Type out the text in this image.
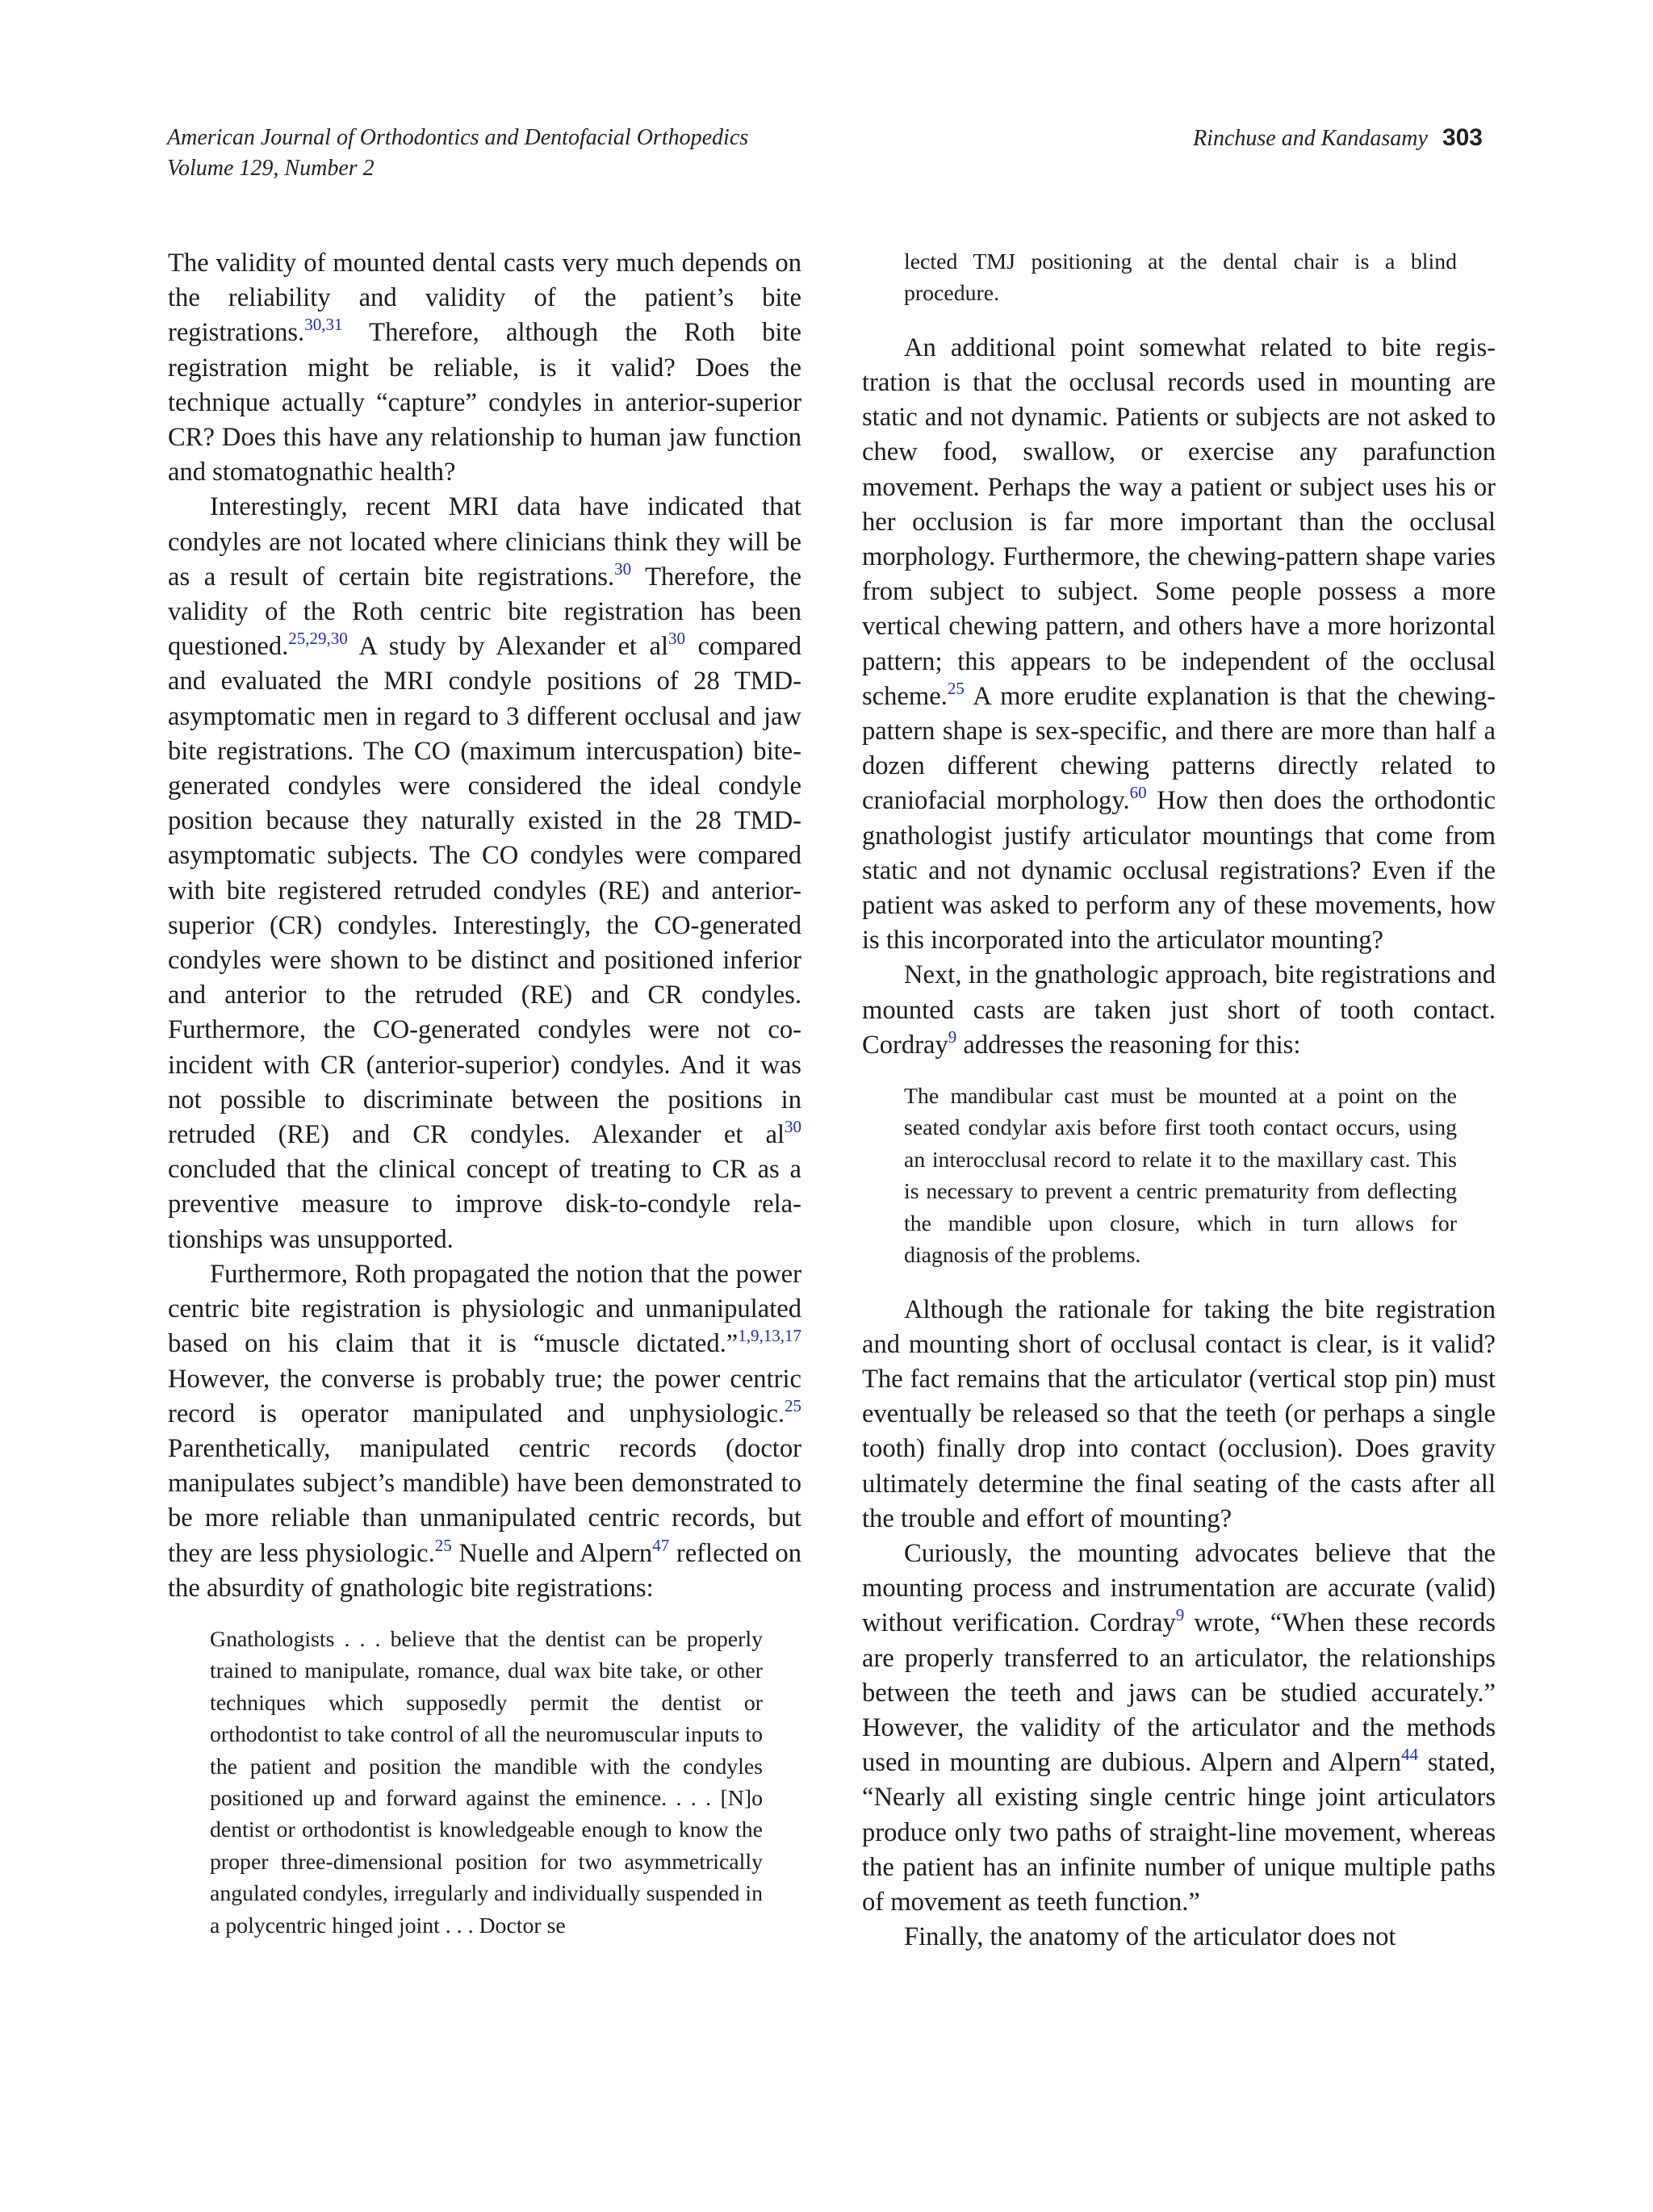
American Journal of Orthodontics and Dentofacial Orthopedics
Volume 129, Number 2
Rinchuse and Kandasamy 303

The validity of mounted dental casts very much depends on the reliability and validity of the patient’s bite registrations.$^{30,31}$ Therefore, although the Roth bite registration might be reliable, is it valid? Does the technique actually “capture” condyles in anterior-superior CR? Does this have any relationship to human jaw function and stomatognathic health?

Interestingly, recent MRI data have indicated that condyles are not located where clinicians think they will be as a result of certain bite registrations.$^{30}$ Therefore, the validity of the Roth centric bite registration has been questioned.$^{25,29,30}$ A study by Alexander et al$^{30}$ compared and evaluated the MRI condyle positions of 28 TMD-asymptomatic men in regard to 3 different occlusal and jaw bite registrations. The CO (maximum intercuspation) bite-generated condyles were considered the ideal condyle position because they naturally existed in the 28 TMD-asymptomatic subjects. The CO condyles were compared with bite registered retruded condyles (RE) and anterior-superior (CR) condyles. Interestingly, the CO-generated condyles were shown to be distinct and positioned inferior and anterior to the retruded (RE) and CR condyles. Furthermore, the CO-generated condyles were not coincident with CR (anterior-superior) condyles. And it was not possible to discriminate between the positions in retruded (RE) and CR condyles. Alexander et al$^{30}$ concluded that the clinical concept of treating to CR as a preventive measure to improve disk-to-condyle relationships was unsupported.

Furthermore, Roth propagated the notion that the power centric bite registration is physiologic and unmanipulated based on his claim that it is “muscle dictated.”$^{1,9,13,17}$ However, the converse is probably true; the power centric record is operator manipulated and unphysiologic.$^{25}$ Parenthetically, manipulated centric records (doctor manipulates subject’s mandible) have been demonstrated to be more reliable than unmanipulated centric records, but they are less physiologic.$^{25}$ Nuelle and Alpern$^{47}$ reflected on the absurdity of gnathologic bite registrations:

Gnathologists . . . believe that the dentist can be properly trained to manipulate, romance, dual wax bite take, or other techniques which supposedly permit the dentist or orthodontist to take control of all the neuromuscular inputs to the patient and position the mandible with the condyles positioned up and forward against the eminence. . . . [N]o dentist or orthodontist is knowledgeable enough to know the proper three-dimensional position for two asymmetrically angulated condyles, irregularly and individually suspended in a polycentric hinged joint . . . Doctor se

lected TMJ positioning at the dental chair is a blind procedure.

An additional point somewhat related to bite registration is that the occlusal records used in mounting are static and not dynamic. Patients or subjects are not asked to chew food, swallow, or exercise any parafunction movement. Perhaps the way a patient or subject uses his or her occlusion is far more important than the occlusal morphology. Furthermore, the chewing-pattern shape varies from subject to subject. Some people possess a more vertical chewing pattern, and others have a more horizontal pattern; this appears to be independent of the occlusal scheme.$^{25}$ A more erudite explanation is that the chewing-pattern shape is sex-specific, and there are more than half a dozen different chewing patterns directly related to craniofacial morphology.$^{60}$ How then does the orthodontic gnathologist justify articulator mountings that come from static and not dynamic occlusal registrations? Even if the patient was asked to perform any of these movements, how is this incorporated into the articulator mounting?

Next, in the gnathologic approach, bite registrations and mounted casts are taken just short of tooth contact. Cordray$^9$ addresses the reasoning for this:

The mandibular cast must be mounted at a point on the seated condylar axis before first tooth contact occurs, using an interocclusal record to relate it to the maxillary cast. This is necessary to prevent a centric prematurity from deflecting the mandible upon closure, which in turn allows for diagnosis of the problems.

Although the rationale for taking the bite registration and mounting short of occlusal contact is clear, is it valid? The fact remains that the articulator (vertical stop pin) must eventually be released so that the teeth (or perhaps a single tooth) finally drop into contact (occlusion). Does gravity ultimately determine the final seating of the casts after all the trouble and effort of mounting?

Curiously, the mounting advocates believe that the mounting process and instrumentation are accurate (valid) without verification. Cordray$^9$ wrote, “When these records are properly transferred to an articulator, the relationships between the teeth and jaws can be studied accurately.” However, the validity of the articulator and the methods used in mounting are dubious. Alpern and Alpern$^{44}$ stated, “Nearly all existing single centric hinge joint articulators produce only two paths of straight-line movement, whereas the patient has an infinite number of unique multiple paths of movement as teeth function.”

Finally, the anatomy of the articulator does not
